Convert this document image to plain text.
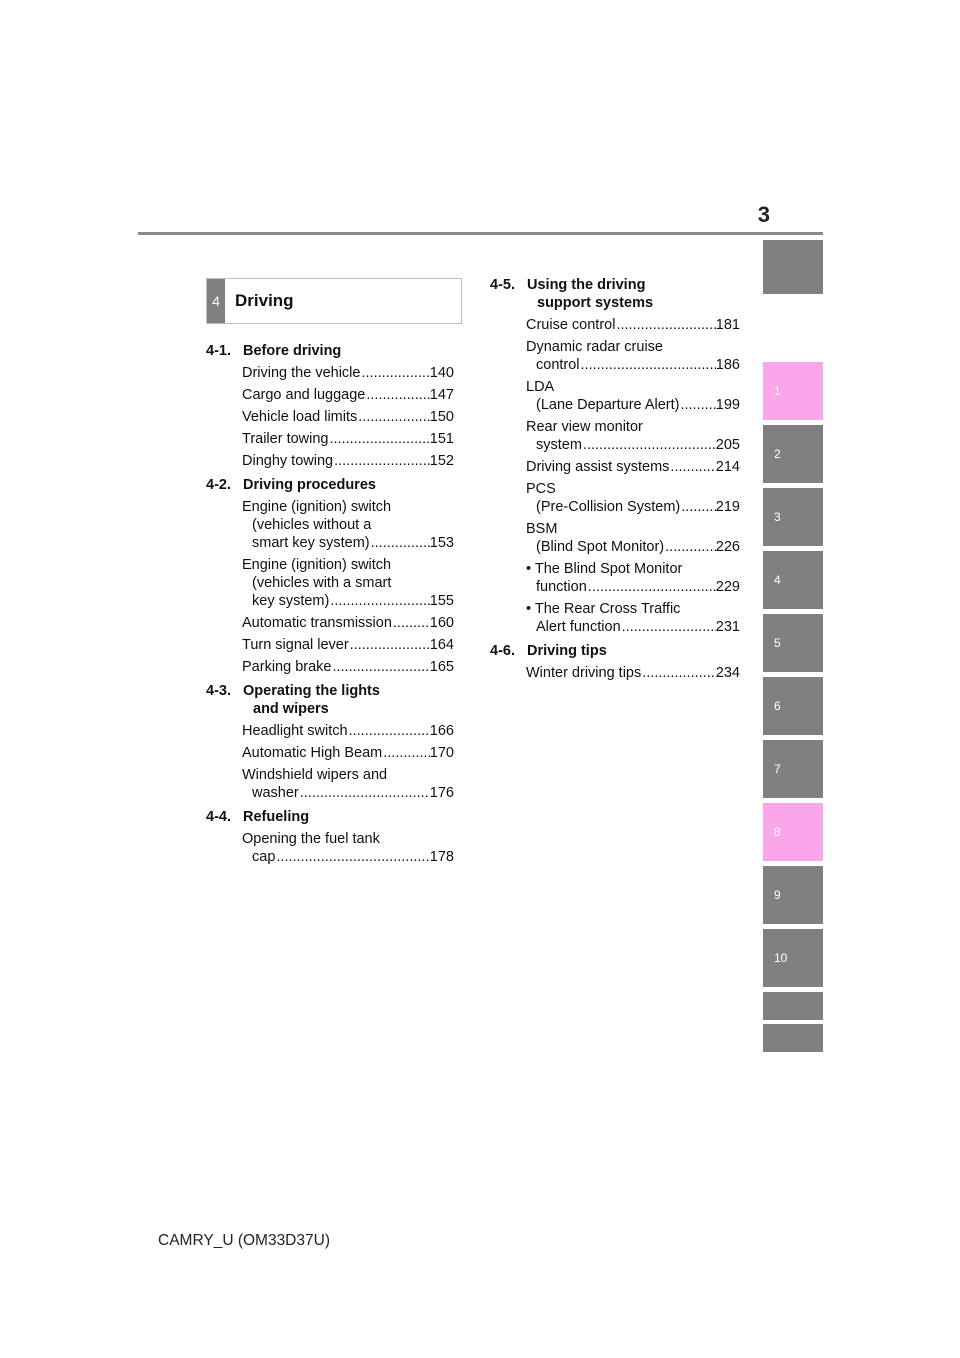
3
1
2
3
4
5
6
7
8
9
10
4 Driving
4-1. Before driving
Driving the vehicle .....	140
Cargo and luggage .....	147
Vehicle load limits .....	150
Trailer towing .....	151
Dinghy towing .....	152
4-2. Driving procedures
Engine (ignition) switch
(vehicles without a
smart key system) .....	153
Engine (ignition) switch
(vehicles with a smart
key system) .....	155
Automatic transmission .....	160
Turn signal lever .....	164
Parking brake .....	165
4-3. Operating the lights
and wipers
Headlight switch .....	166
Automatic High Beam .....	170
Windshield wipers and
washer .....	176
4-4. Refueling
Opening the fuel tank
cap .....	178
4-5. Using the driving
support systems
Cruise control .....	181
Dynamic radar cruise
control .....	186
LDA
(Lane Departure Alert) .....	199
Rear view monitor
system .....	205
Driving assist systems .....	214
PCS
(Pre-Collision System) ..... 219
BSM
(Blind Spot Monitor) .....	226
• The Blind Spot Monitor
function .....	229
• The Rear Cross Traffic
Alert function .....	231
4-6. Driving tips
Winter driving tips .....	234
CAMRY_U (OM33D37U)
